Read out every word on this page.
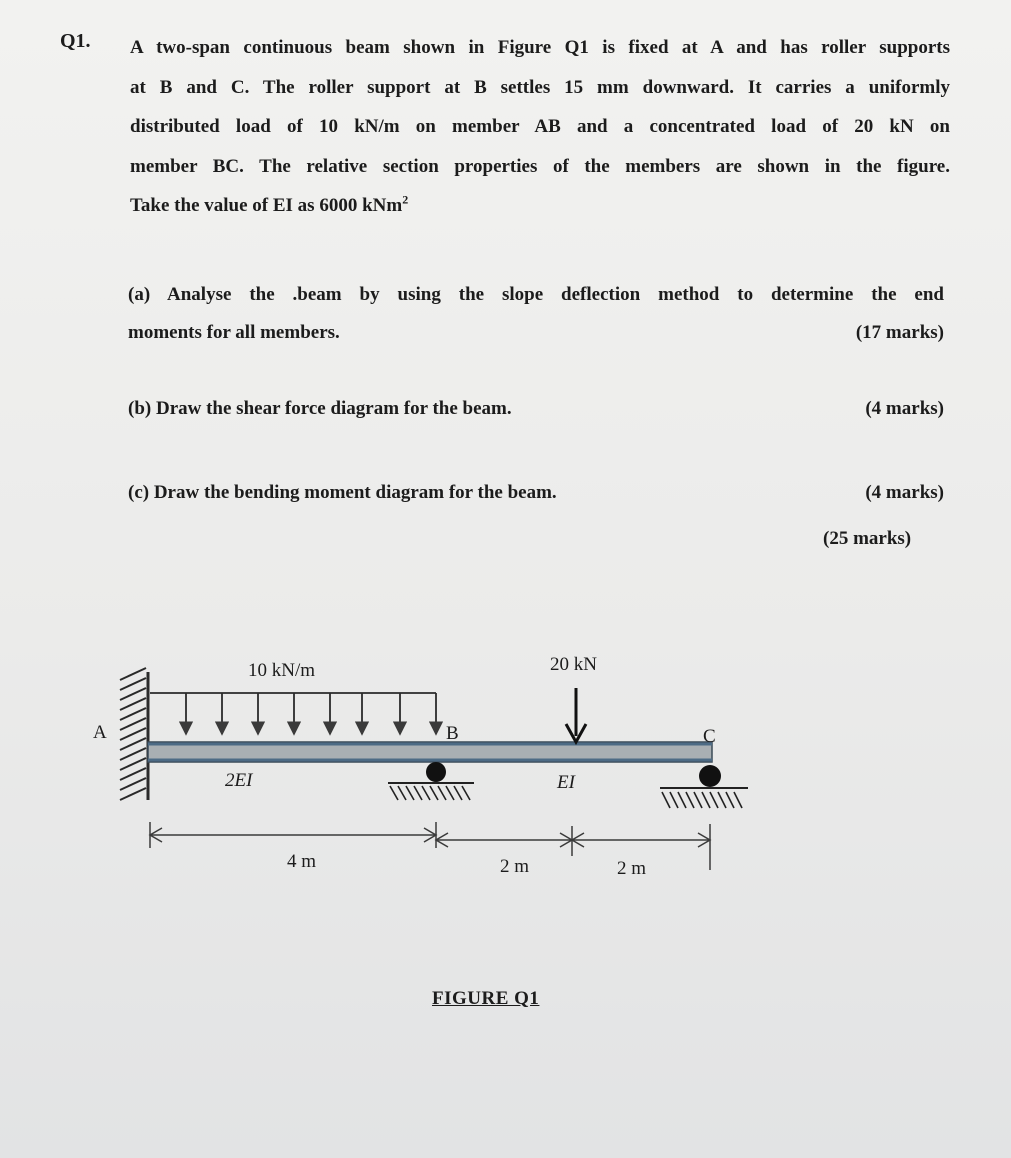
Q1. A two-span continuous beam shown in Figure Q1 is fixed at A and has roller supports
at B and C. The roller support at B settles 15 mm downward. It carries a uniformly
distributed load of 10 kN/m on member AB and a concentrated load of 20 kN on
member BC. The relative section properties of the members are shown in the figure.
Take the value of EI as 6000 kNm$^2$
(a) Analyse the .beam by using the slope deflection method to determine the end
moments for all members.	(17 marks)
(b) Draw the shear force diagram for the beam.	(4 marks)
(c) Draw the bending moment diagram for the beam.	(4 marks)
(25 marks)
10 kN/m	20 kN
A	B	C
2EI	EI
4 m	2 m	2 m
FIGURE Q1
